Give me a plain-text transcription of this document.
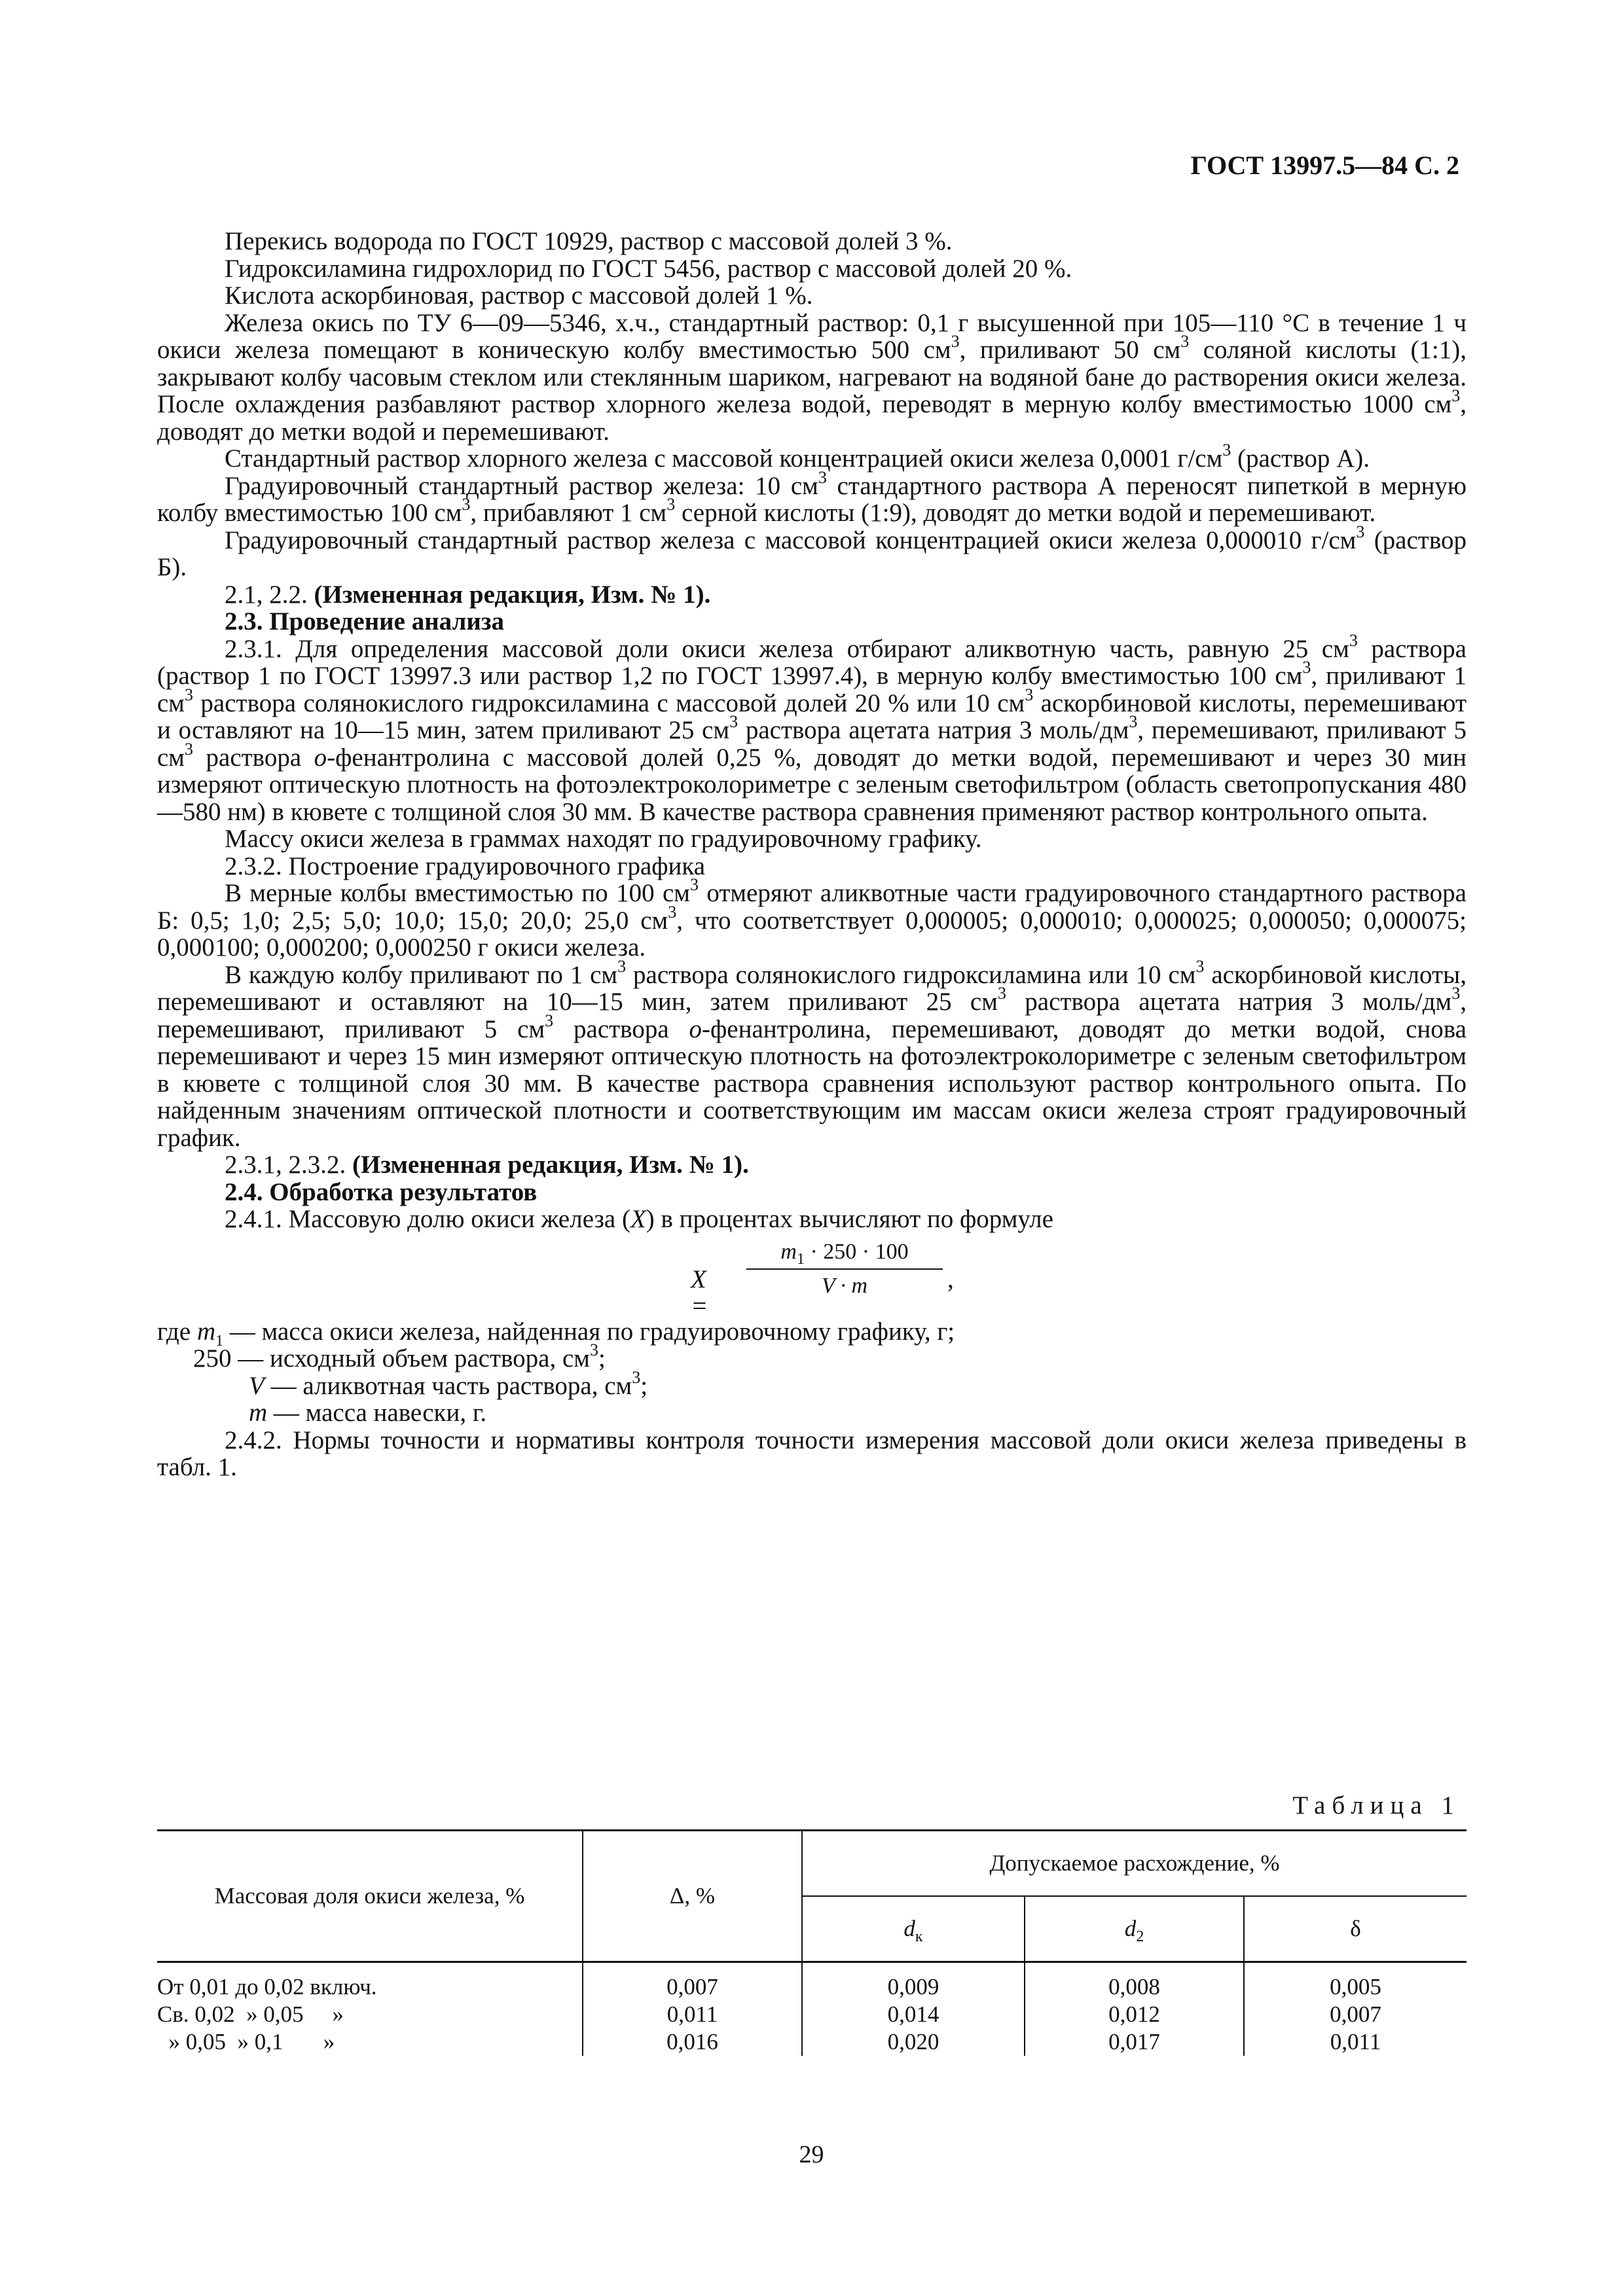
ГОСТ 13997.5—84 С. 2

Перекись водорода по ГОСТ 10929, раствор с массовой долей 3 %.

Гидроксиламина гидрохлорид по ГОСТ 5456, раствор с массовой долей 20 %.

Кислота аскорбиновая, раствор с массовой долей 1 %.

Железа окись по ТУ 6—09—5346, х.ч., стандартный раствор: 0,1 г высушенной при 105—110 °С в течение 1 ч окиси железа помещают в коническую колбу вместимостью 500 $см^3$, приливают 50 $см^3$ соляной кислоты (1:1), закрывают колбу часовым стеклом или стеклянным шариком, нагревают на водяной бане до растворения окиси железа. После охлаждения разбавляют раствор хлорного железа водой, переводят в мерную колбу вместимостью 1000 $см^3$, доводят до метки водой и перемешивают.

Стандартный раствор хлорного железа с массовой концентрацией окиси железа 0,0001 $г/см^3$ (раствор А).

Градуировочный стандартный раствор железа: 10 $см^3$ стандартного раствора А переносят пипеткой в мерную колбу вместимостью 100 $см^3$, прибавляют 1 $см^3$ серной кислоты (1:9), доводят до метки водой и перемешивают.

Градуировочный стандартный раствор железа с массовой концентрацией окиси железа 0,000010 $г/см^3$ (раствор Б).

2.1, 2.2. (Измененная редакция, Изм. № 1).

2.3. Проведение анализа

2.3.1. Для определения массовой доли окиси железа отбирают аликвотную часть, равную 25 $см^3$ раствора (раствор 1 по ГОСТ 13997.3 или раствор 1,2 по ГОСТ 13997.4), в мерную колбу вместимостью 100 $см^3$, приливают 1 $см^3$ раствора солянокислого гидроксиламина с массовой долей 20 % или 10 $см^3$ аскорбиновой кислоты, перемешивают и оставляют на 10—15 мин, затем приливают 25 $см^3$ раствора ацетата натрия 3 моль/$дм^3$, перемешивают, приливают 5 $см^3$ раствора о-фенантролина с массовой долей 0,25 %, доводят до метки водой, перемешивают и через 30 мин измеряют оптическую плотность на фотоэлектроколориметре с зеленым светофильтром (область светопропускания 480—580 нм) в кювете с толщиной слоя 30 мм. В качестве раствора сравнения применяют раствор контрольного опыта.

Массу окиси железа в граммах находят по градуировочному графику.

2.3.2. Построение градуировочного графика

В мерные колбы вместимостью по 100 $см^3$ отмеряют аликвотные части градуировочного стандартного раствора Б: 0,5; 1,0; 2,5; 5,0; 10,0; 15,0; 20,0; 25,0 $см^3$, что соответствует 0,000005; 0,000010; 0,000025; 0,000050; 0,000075; 0,000100; 0,000200; 0,000250 г окиси железа.

В каждую колбу приливают по 1 $см^3$ раствора солянокислого гидроксиламина или 10 $см^3$ аскорбиновой кислоты, перемешивают и оставляют на 10—15 мин, затем приливают 25 $см^3$ раствора ацетата натрия 3 моль/$дм^3$, перемешивают, приливают 5 $см^3$ раствора о-фенантролина, перемешивают, доводят до метки водой, снова перемешивают и через 15 мин измеряют оптическую плотность на фотоэлектроколориметре с зеленым светофильтром в кювете с толщиной слоя 30 мм. В качестве раствора сравнения используют раствор контрольного опыта. По найденным значениям оптической плотности и соответствующим им массам окиси железа строят градуировочный график.

2.3.1, 2.3.2. (Измененная редакция, Изм. № 1).

2.4. Обработка результатов

2.4.1. Массовую долю окиси железа (X) в процентах вычисляют по формуле

X =
$\frac{m_1 \cdot 250 \cdot 100}{V \cdot m}$ ,

где $m_1$ — масса окиси железа, найденная по градуировочному графику, г;

250 — исходный объем раствора, $см^3$;

V — аликвотная часть раствора, $см^3$;

m — масса навески, г.

2.4.2. Нормы точности и нормативы контроля точности измерения массовой доли окиси железа приведены в табл. 1.

Таблица 1
Массовая доля окиси железа, %	Δ, %	Допускаемое расхождение, %		
		$d_к$	$d_2$	δ
От 0,01 до 0,02 включ.	0,007	0,009	0,008	0,005
Св. 0,02  » 0,05     »	0,011	0,014	0,012	0,007
» 0,05  » 0,1       »	0,016	0,020	0,017	0,011
29
